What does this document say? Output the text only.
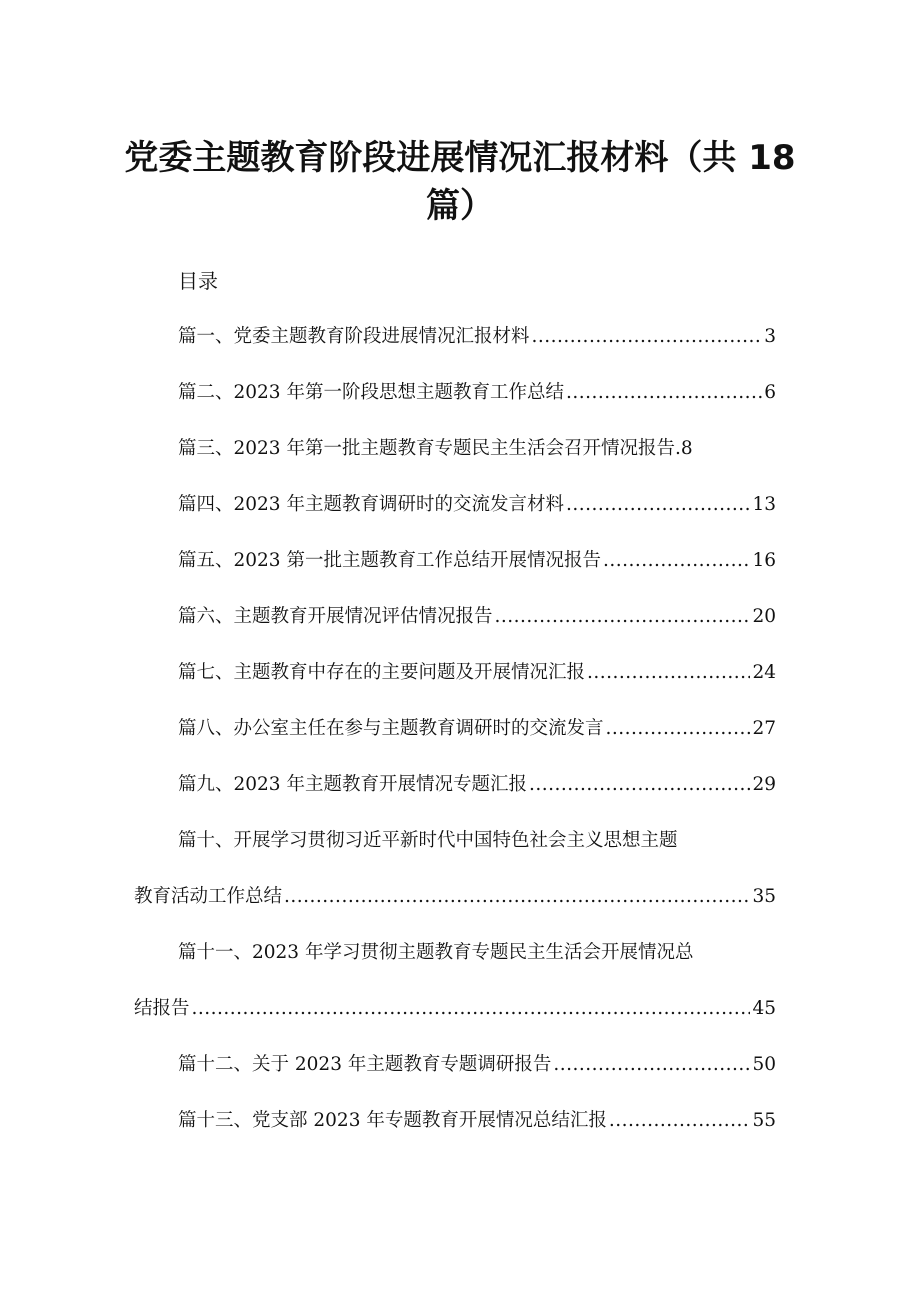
党委主题教育阶段进展情况汇报材料（共 18
篇）
目录
篇一、党委主题教育阶段进展情况汇报材料 .....	3
篇二、2023 年第一阶段思想主题教育工作总结 .....	6
篇三、2023 年第一批主题教育专题民主生活会召开情况报告.8
篇四、2023 年主题教育调研时的交流发言材料 .....	13
篇五、2023 第一批主题教育工作总结开展情况报告 .....	16
篇六、主题教育开展情况评估情况报告 .....	20
篇七、主题教育中存在的主要问题及开展情况汇报 .....	24
篇八、办公室主任在参与主题教育调研时的交流发言 .....	27
篇九、2023 年主题教育开展情况专题汇报 .....	29
篇十、开展学习贯彻习近平新时代中国特色社会主义思想主题
教育活动工作总结 .....	35
篇十一、2023 年学习贯彻主题教育专题民主生活会开展情况总
结报告 .....	45
篇十二、关于 2023 年主题教育专题调研报告 .....	50
篇十三、党支部 2023 年专题教育开展情况总结汇报 .....	55
